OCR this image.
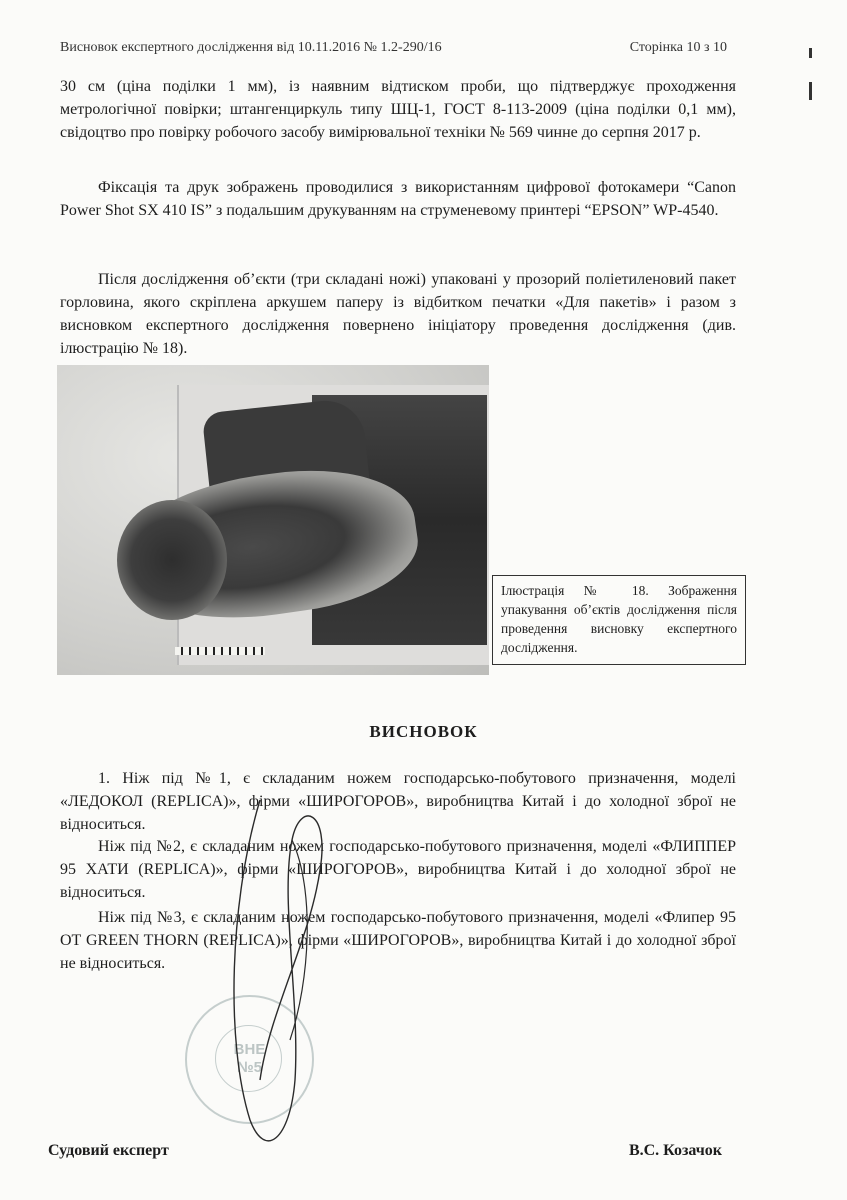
Висновок експертного дослідження від 10.11.2016 № 1.2-290/16	Сторінка 10 з 10
30 см (ціна поділки 1 мм), із наявним відтиском проби, що підтверджує проходження метрологічної повірки; штангенциркуль типу ШЦ-1, ГОСТ 8-113-2009 (ціна поділки 0,1 мм), свідоцтво про повірку робочого засобу вимірювальної техніки № 569 чинне до серпня 2017 р.
Фіксація та друк зображень проводилися з використанням цифрової фотокамери “Canon Power Shot SX 410 IS” з подальшим друкуванням на струменевому принтері “EPSON” WP-4540.
Після дослідження об’єкти (три складані ножі) упаковані у прозорий поліетиленовий пакет горловина, якого скріплена аркушем паперу із відбитком печатки «Для пакетів» і разом з висновком експертного дослідження повернено ініціатору проведення дослідження (див. ілюстрацію № 18).
Ілюстрація № 18. Зображення упакування об’єктів дослідження після проведення висновку експертного дослідження.
ВИСНОВОК
1. Ніж під №1, є складаним ножем господарсько-побутового призначення, моделі «ЛЕДОКОЛ (REPLICA)», фірми «ШИРОГОРОВ», виробництва Китай і до холодної зброї не відноситься.
Ніж під №2, є складаним ножем господарсько-побутового призначення, моделі «ФЛИППЕР 95 ХАТИ (REPLICA)», фірми «ШИРОГОРОВ», виробництва Китай і до холодної зброї не відноситься.
Ніж під №3, є складаним ножем господарсько-побутового призначення, моделі «Флипер 95 ОТ GREEN THORN (REPLICA)», фірми «ШИРОГОРОВ», виробництва Китай і до холодної зброї не відноситься.
ВНЕ
№5
Судовий експерт	В.С. Козачок
